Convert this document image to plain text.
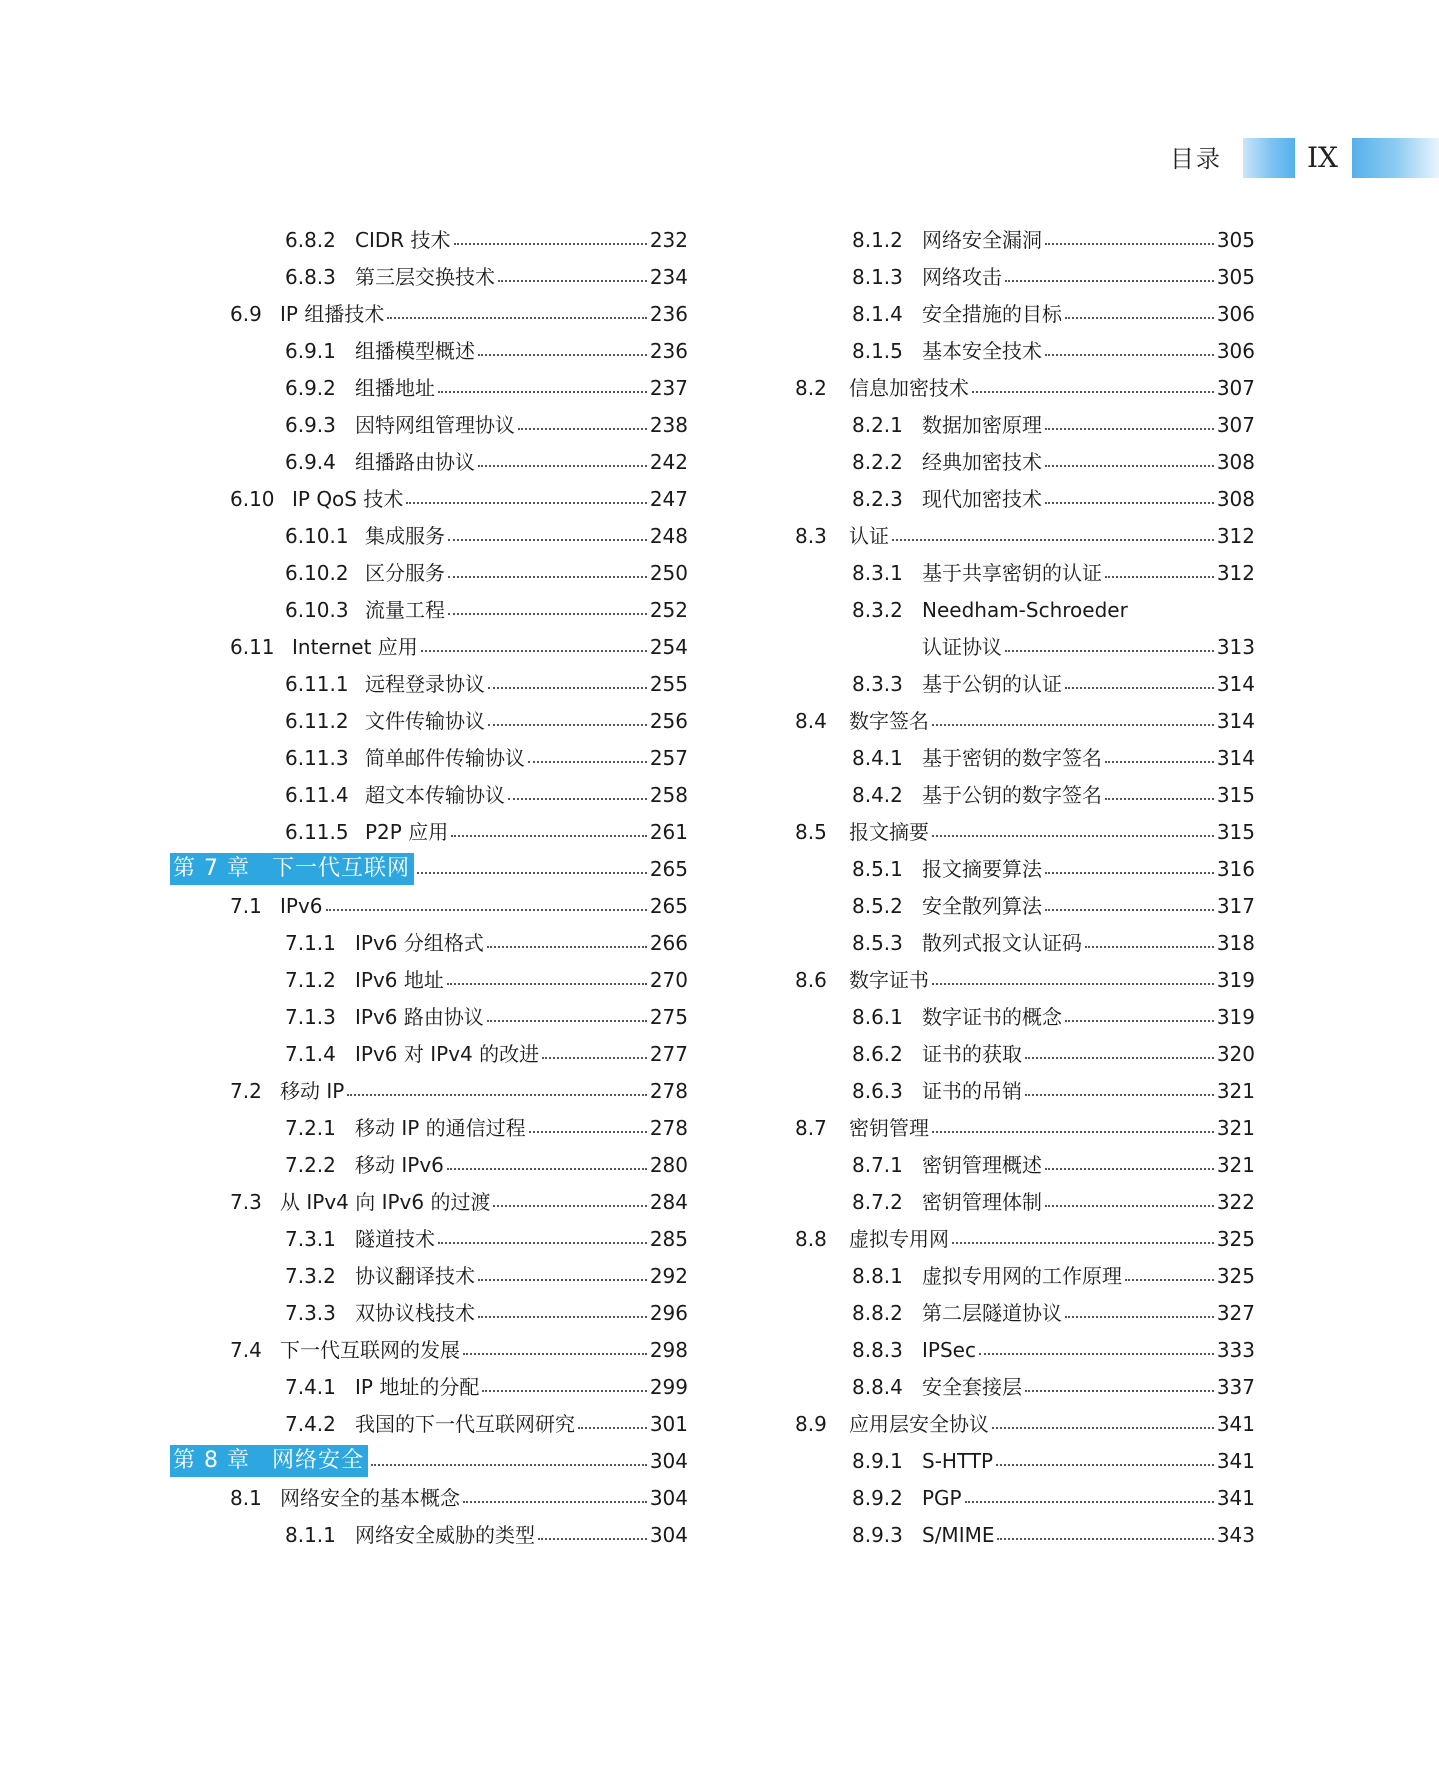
目录	IX
6.8.2 CIDR 技术	232
6.8.3 第三层交换技术	234
6.9 IP 组播技术	236
6.9.1 组播模型概述	236
6.9.2 组播地址	237
6.9.3 因特网组管理协议	238
6.9.4 组播路由协议	242
6.10 IP QoS 技术	247
6.10.1 集成服务	248
6.10.2 区分服务	250
6.10.3 流量工程	252
6.11 Internet 应用	254
6.11.1 远程登录协议	255
6.11.2 文件传输协议	256
6.11.3 简单邮件传输协议	257
6.11.4 超文本传输协议	258
6.11.5 P2P 应用	261
第 7 章 下一代互联网	265
7.1 IPv6	265
7.1.1 IPv6 分组格式	266
7.1.2 IPv6 地址	270
7.1.3 IPv6 路由协议	275
7.1.4 IPv6 对 IPv4 的改进	277
7.2 移动 IP	278
7.2.1 移动 IP 的通信过程	278
7.2.2 移动 IPv6	280
7.3 从 IPv4 向 IPv6 的过渡	284
7.3.1 隧道技术	285
7.3.2 协议翻译技术	292
7.3.3 双协议栈技术	296
7.4 下一代互联网的发展	298
7.4.1 IP 地址的分配	299
7.4.2 我国的下一代互联网研究	301
第 8 章 网络安全	304
8.1 网络安全的基本概念	304
8.1.1 网络安全威胁的类型	304
8.1.2 网络安全漏洞	305
8.1.3 网络攻击	305
8.1.4 安全措施的目标	306
8.1.5 基本安全技术	306
8.2	信息加密技术	307
8.2.1 数据加密原理	307
8.2.2 经典加密技术	308
8.2.3 现代加密技术	308
8.3	认证	312
8.3.1 基于共享密钥的认证	312
8.3.2 Needham-Schroeder
认证协议	313
8.3.3 基于公钥的认证	314
8.4	数字签名	314
8.4.1 基于密钥的数字签名	314
8.4.2 基于公钥的数字签名	315
8.5	报文摘要	315
8.5.1 报文摘要算法	316
8.5.2 安全散列算法	317
8.5.3 散列式报文认证码	318
8.6	数字证书	319
8.6.1 数字证书的概念	319
8.6.2 证书的获取	320
8.6.3 证书的吊销	321
8.7	密钥管理	321
8.7.1 密钥管理概述	321
8.7.2 密钥管理体制	322
8.8	虚拟专用网	325
8.8.1 虚拟专用网的工作原理	325
8.8.2 第二层隧道协议	327
8.8.3 IPSec	333
8.8.4 安全套接层	337
8.9	应用层安全协议	341
8.9.1 S-HTTP	341
8.9.2 PGP	341
8.9.3 S/MIME	343
